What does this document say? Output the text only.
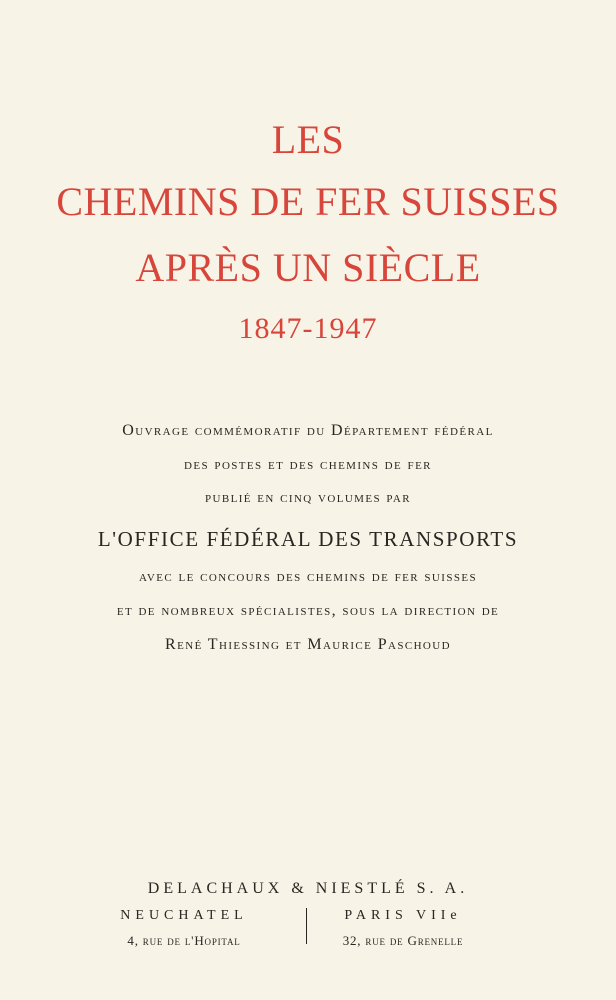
LES
CHEMINS DE FER SUISSES
APRÈS UN SIÈCLE
1847-1947
Ouvrage commémoratif du Département fédéral
des postes et des chemins de fer
publié en cinq volumes par
L'OFFICE FÉDÉRAL DES TRANSPORTS
avec le concours des chemins de fer suisses
et de nombreux spécialistes, sous la direction de
René Thiessing et Maurice Paschoud
DELACHAUX & NIESTLÉ S. A.
NEUCHATEL
4, rue de l'Hopital
PARIS VIIe
32, rue de Grenelle
